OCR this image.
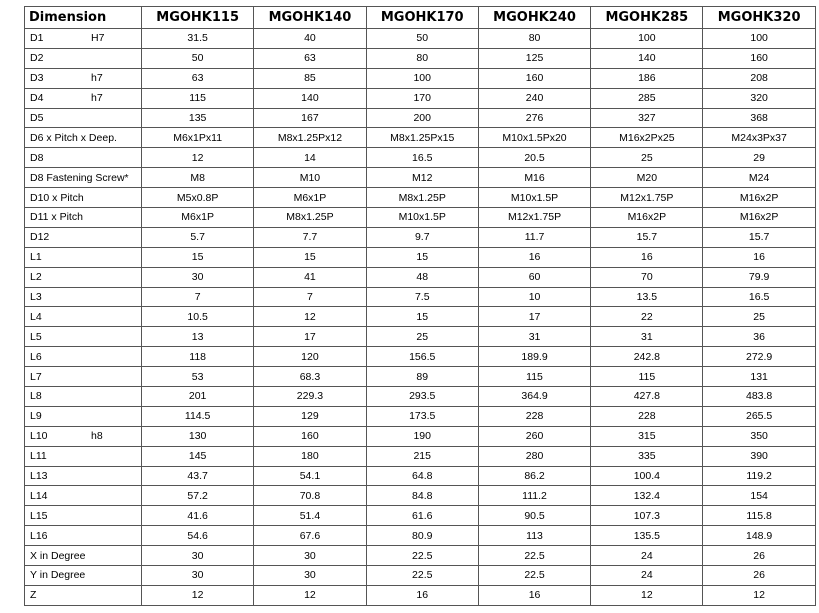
Dimension	MGOHK115	MGOHK140	MGOHK170	MGOHK240	MGOHK285	MGOHK320
D1 H7	31.5	40	50	80	100	100
D2	50	63	80	125	140	160
D3 h7	63	85	100	160	186	208
D4 h7	115	140	170	240	285	320
D5	135	167	200	276	327	368
D6 x Pitch x Deep.	M6x1Px11	M8x1.25Px12	M8x1.25Px15	M10x1.5Px20	M16x2Px25	M24x3Px37
D8	12	14	16.5	20.5	25	29
D8 Fastening Screw*	M8	M10	M12	M16	M20	M24
D10 x Pitch	M5x0.8P	M6x1P	M8x1.25P	M10x1.5P	M12x1.75P	M16x2P
D11 x Pitch	M6x1P	M8x1.25P	M10x1.5P	M12x1.75P	M16x2P	M16x2P
D12	5.7	7.7	9.7	11.7	15.7	15.7
L1	15	15	15	16	16	16
L2	30	41	48	60	70	79.9
L3	7	7	7.5	10	13.5	16.5
L4	10.5	12	15	17	22	25
L5	13	17	25	31	31	36
L6	118	120	156.5	189.9	242.8	272.9
L7	53	68.3	89	115	115	131
L8	201	229.3	293.5	364.9	427.8	483.8
L9	114.5	129	173.5	228	228	265.5
L10 h8	130	160	190	260	315	350
L11	145	180	215	280	335	390
L13	43.7	54.1	64.8	86.2	100.4	119.2
L14	57.2	70.8	84.8	111.2	132.4	154
L15	41.6	51.4	61.6	90.5	107.3	115.8
L16	54.6	67.6	80.9	113	135.5	148.9
X in Degree	30	30	22.5	22.5	24	26
Y in Degree	30	30	22.5	22.5	24	26
Z	12	12	16	16	12	12
